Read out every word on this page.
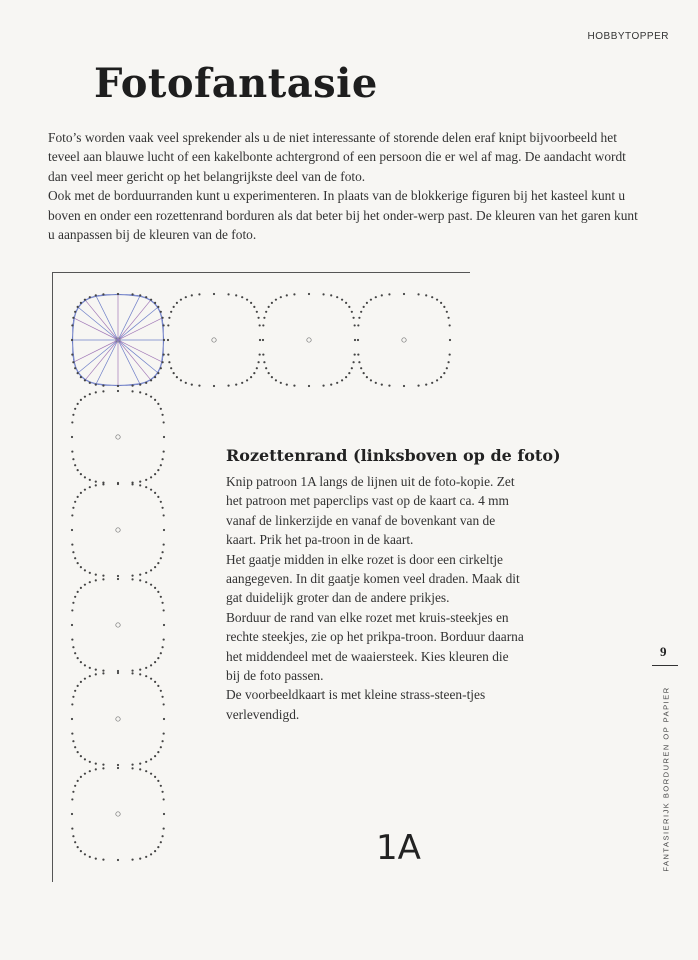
HOBBYTOPPER
Fotofantasie

Foto’s worden vaak veel sprekender als u de niet interessante of storende delen eraf knipt bijvoorbeeld het teveel aan blauwe lucht of een kakelbonte achtergrond of een persoon die er wel af mag. De aandacht wordt dan veel meer gericht op het belangrijkste deel van de foto.

Ook met de borduurranden kunt u experimenteren. In plaats van de blokkerige figuren bij het kasteel kunt u boven en onder een rozettenrand borduren als dat beter bij het onder-werp past. De kleuren van het garen kunt u aanpassen bij de kleuren van de foto.

Rozettenrand (linksboven op de foto)

Knip patroon 1A langs de lijnen uit de foto-kopie. Zet het patroon met paperclips vast op de kaart ca. 4 mm vanaf de linkerzijde en vanaf de bovenkant van de kaart. Prik het pa-troon in de kaart.

Het gaatje midden in elke rozet is door een cirkeltje aangegeven. In dit gaatje komen veel draden. Maak dit gat duidelijk groter dan de andere prikjes.

Borduur de rand van elke rozet met kruis-steekjes en rechte steekjes, zie op het prikpa-troon. Borduur daarna het middendeel met de waaiersteek. Kies kleuren die bij de foto passen.

De voorbeeldkaart is met kleine strass-steen-tjes verlevendigd.

1A
9
FANTASIERIJK BORDUREN OP PAPIER
